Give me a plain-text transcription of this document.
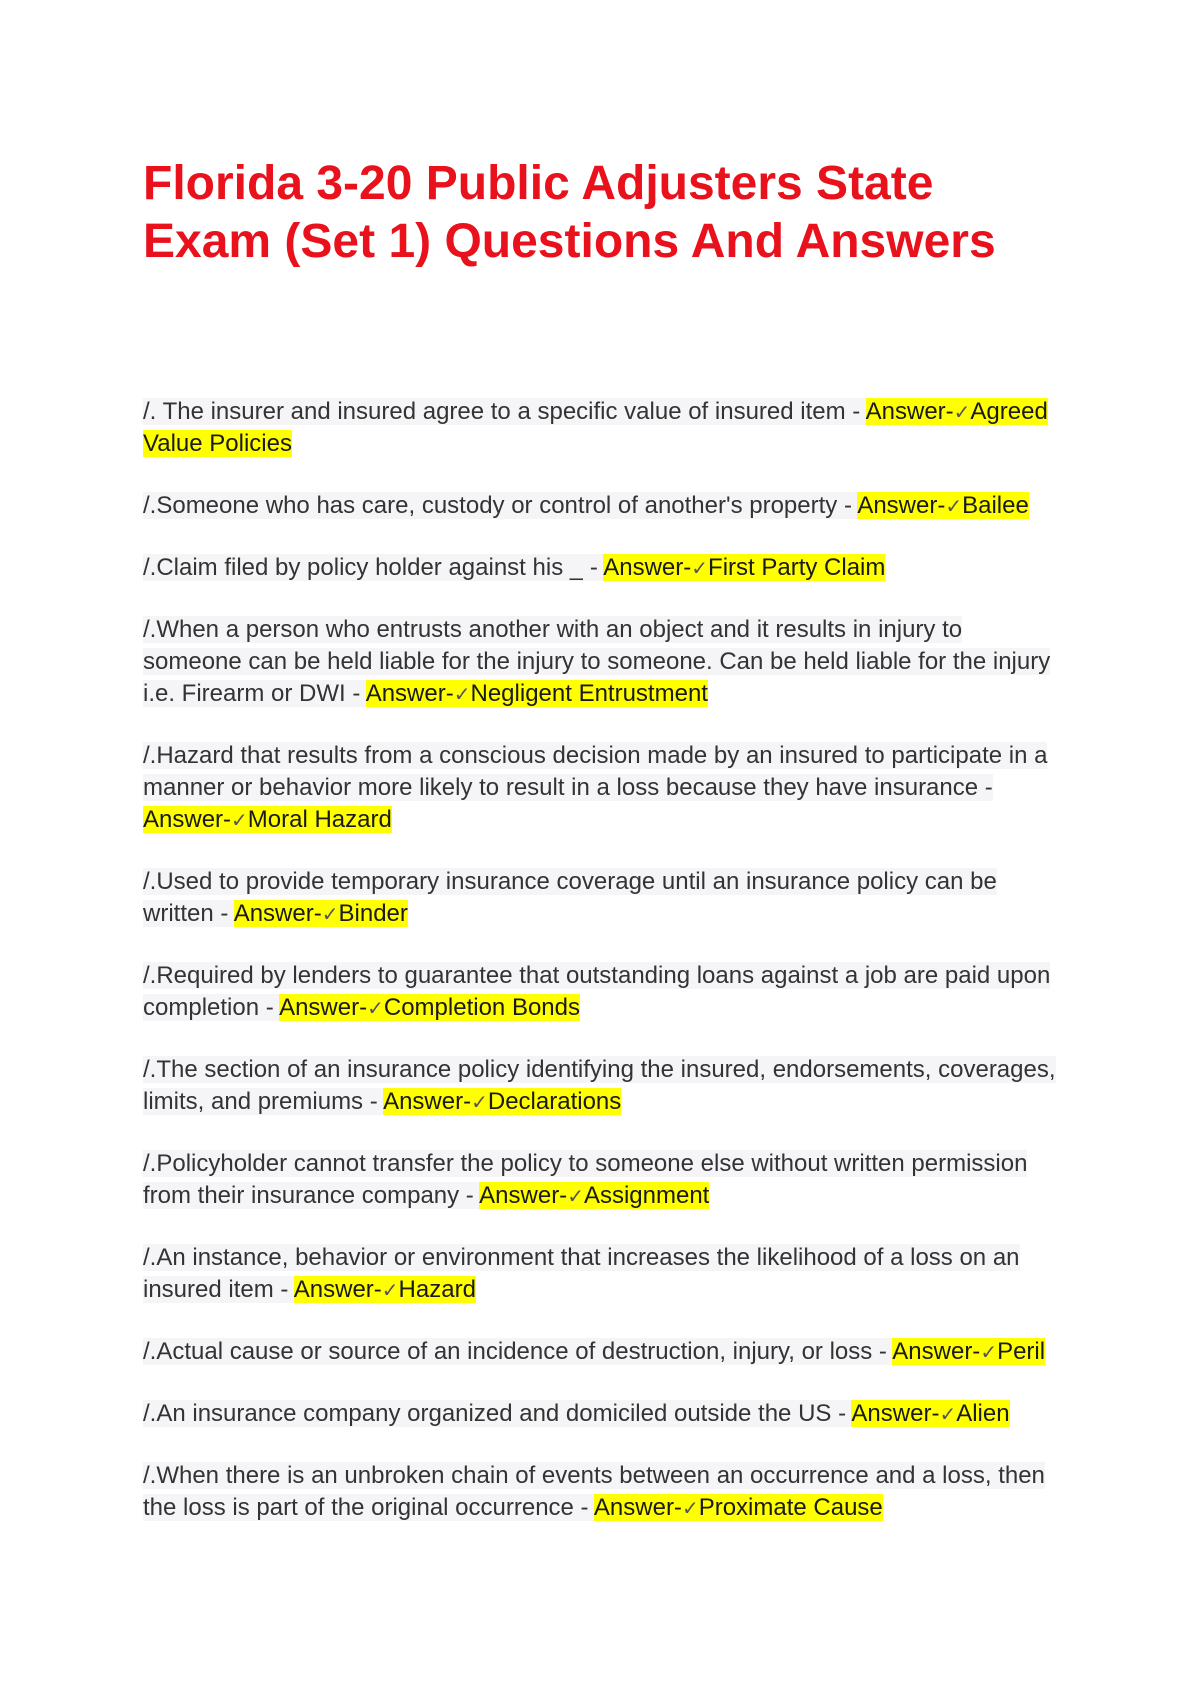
Florida 3-20 Public Adjusters State
Exam (Set 1) Questions And Answers

/. The insurer and insured agree to a specific value of insured item - Answer-✓Agreed Value Policies

/.Someone who has care, custody or control of another's property - Answer-✓Bailee

/.Claim filed by policy holder against his _ - Answer-✓First Party Claim

/.When a person who entrusts another with an object and it results in injury to someone can be held liable for the injury to someone. Can be held liable for the injury i.e. Firearm or DWI - Answer-✓Negligent Entrustment

/.Hazard that results from a conscious decision made by an insured to participate in a manner or behavior more likely to result in a loss because they have insurance - Answer-✓Moral Hazard

/.Used to provide temporary insurance coverage until an insurance policy can be written - Answer-✓Binder

/.Required by lenders to guarantee that outstanding loans against a job are paid upon completion - Answer-✓Completion Bonds

/.The section of an insurance policy identifying the insured, endorsements, coverages, limits, and premiums - Answer-✓Declarations

/.Policyholder cannot transfer the policy to someone else without written permission from their insurance company - Answer-✓Assignment

/.An instance, behavior or environment that increases the likelihood of a loss on an insured item - Answer-✓Hazard

/.Actual cause or source of an incidence of destruction, injury, or loss - Answer-✓Peril

/.An insurance company organized and domiciled outside the US - Answer-✓Alien

/.When there is an unbroken chain of events between an occurrence and a loss, then the loss is part of the original occurrence - Answer-✓Proximate Cause
